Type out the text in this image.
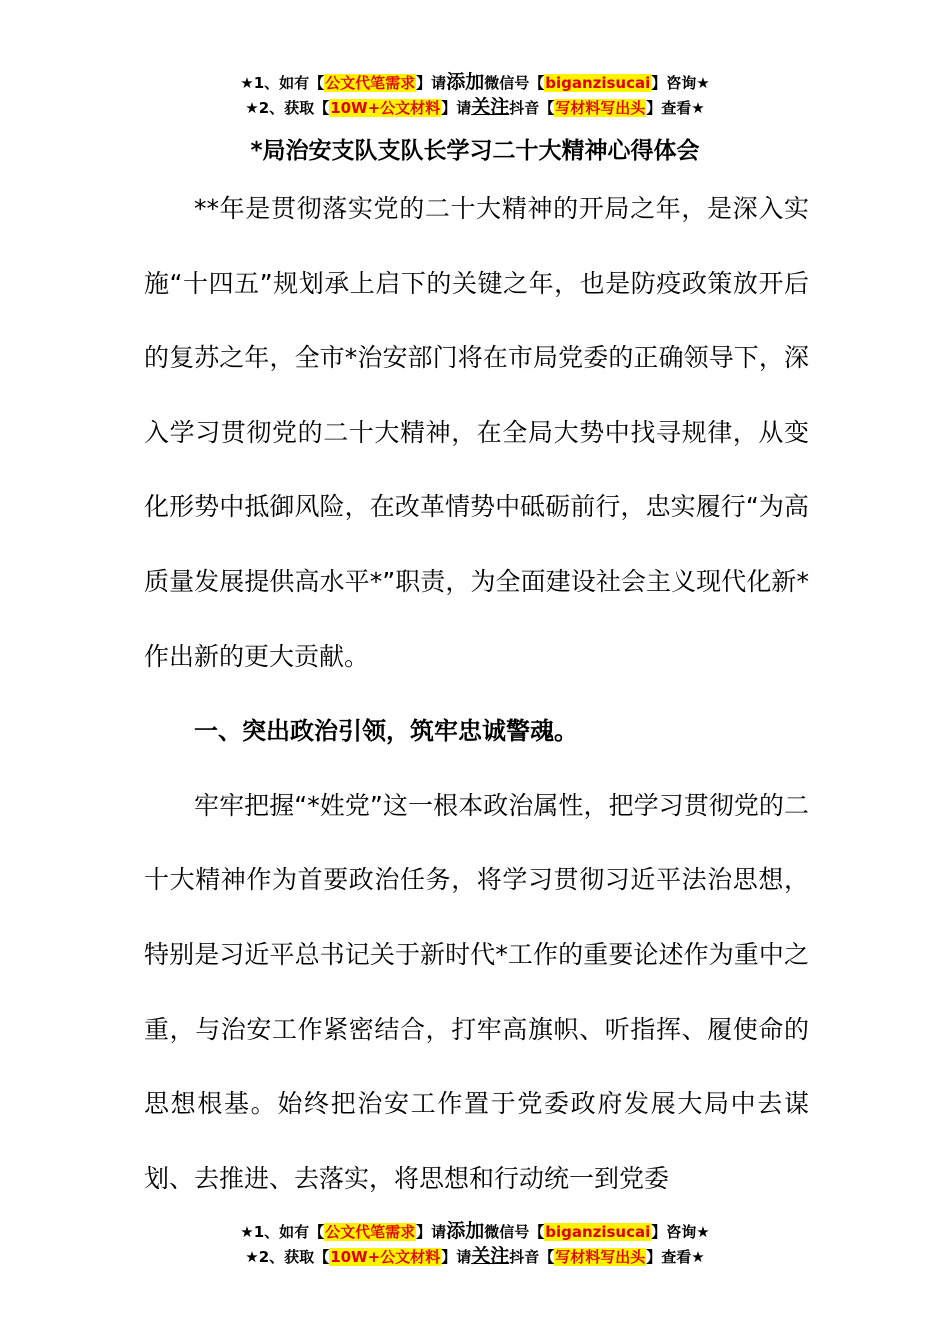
★1、如有【公文代笔需求】请添加微信号【biganzisucai】咨询★
★2、获取【10W+公文材料】请关注抖音【写材料写出头】查看★
*局治安支队支队长学习二十大精神心得体会

**年是贯彻落实党的二十大精神的开局之年，是深入实施“十四五”规划承上启下的关键之年，也是防疫政策放开后的复苏之年，全市*治安部门将在市局党委的正确领导下，深入学习贯彻党的二十大精神，在全局大势中找寻规律，从变化形势中抵御风险，在改革情势中砥砺前行，忠实履行“为高质量发展提供高水平*”职责，为全面建设社会主义现代化新*作出新的更大贡献。

一、突出政治引领，筑牢忠诚警魂。

牢牢把握“*姓党”这一根本政治属性，把学习贯彻党的二十大精神作为首要政治任务，将学习贯彻习近平法治思想，特别是习近平总书记关于新时代*工作的重要论述作为重中之重，与治安工作紧密结合，打牢高旗帜、听指挥、履使命的思想根基。始终把治安工作置于党委政府发展大局中去谋划、去推进、去落实，将思想和行动统一到党委

★1、如有【公文代笔需求】请添加微信号【biganzisucai】咨询★
★2、获取【10W+公文材料】请关注抖音【写材料写出头】查看★
